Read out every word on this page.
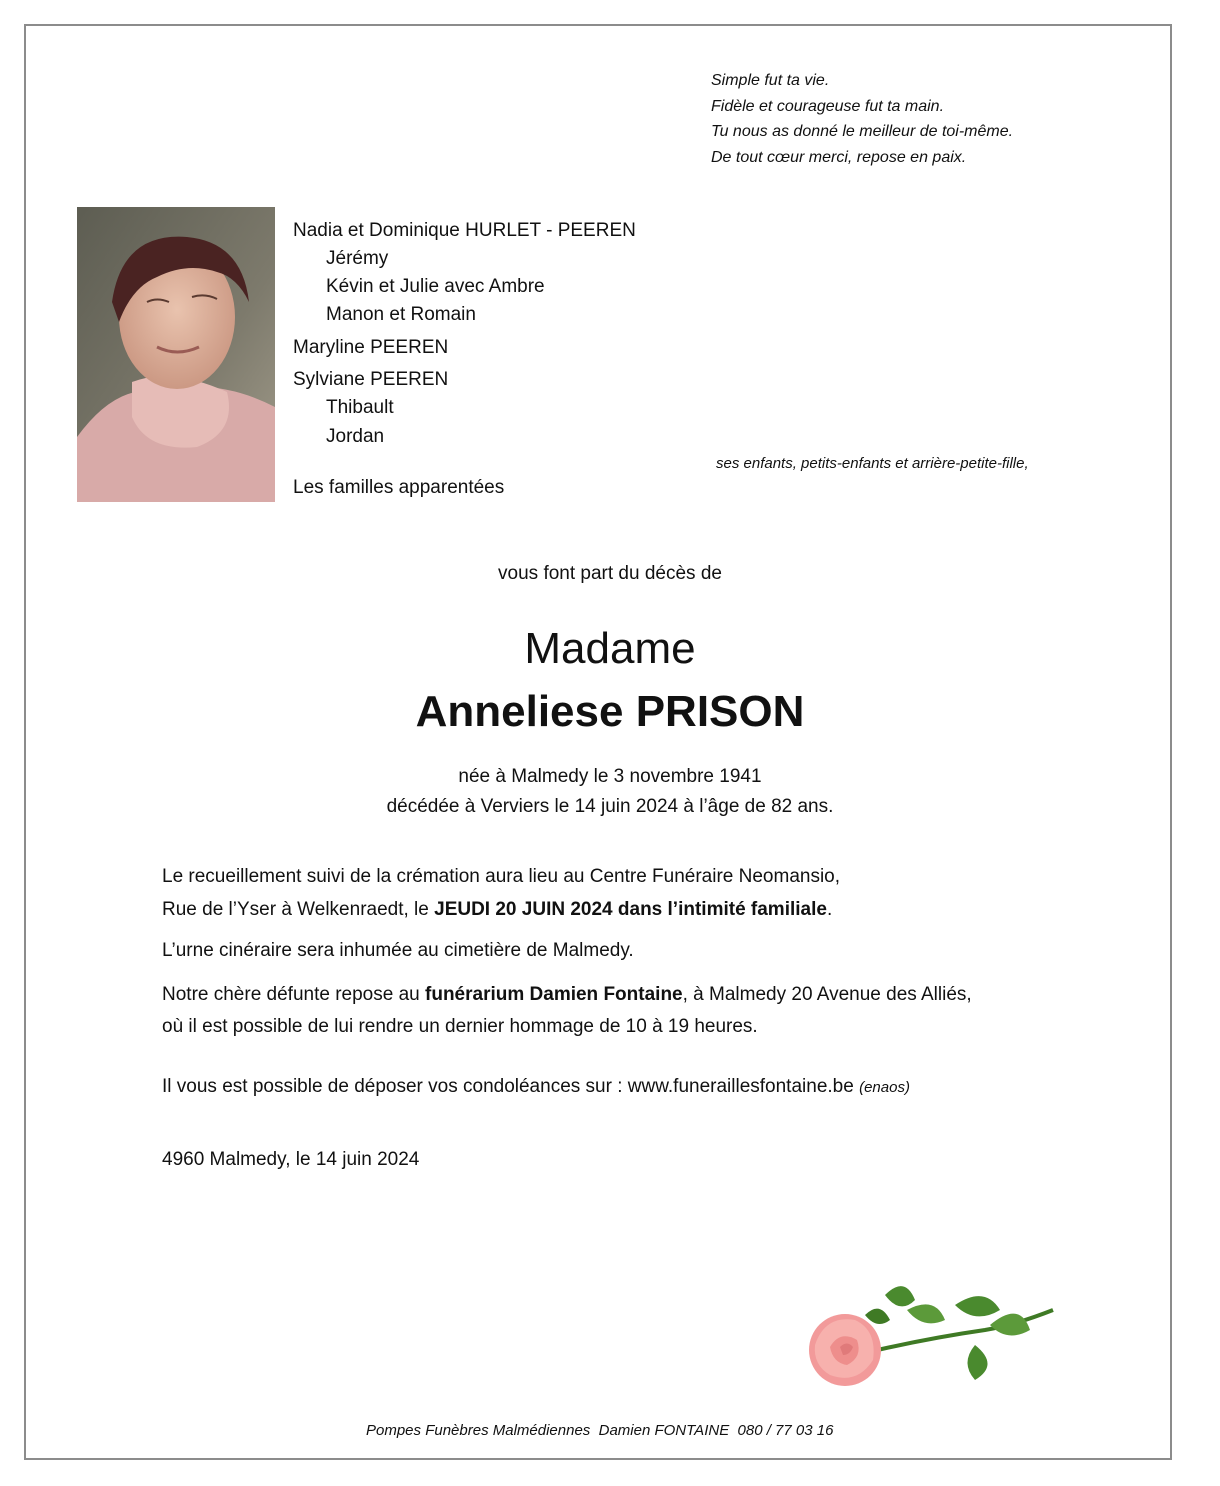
Simple fut ta vie.
Fidèle et courageuse fut ta main.
Tu nous as donné le meilleur de toi-même.
De tout cœur merci, repose en paix.
Nadia et Dominique HURLET - PEEREN
Jérémy
Kévin et Julie avec Ambre
Manon et Romain
Maryline PEEREN
Sylviane PEEREN
Thibault
Jordan
Les familles apparentées
ses enfants, petits-enfants et arrière-petite-fille,
vous font part du décès de
Madame
Anneliese PRISON
née à Malmedy le 3 novembre 1941
décédée à Verviers le 14 juin 2024 à l’âge de 82 ans.
Le recueillement suivi de la crémation aura lieu au Centre Funéraire Neomansio,
Rue de l’Yser à Welkenraedt, le JEUDI 20 JUIN 2024 dans l’intimité familiale.
L’urne cinéraire sera inhumée au cimetière de Malmedy.
Notre chère défunte repose au funérarium Damien Fontaine, à Malmedy 20 Avenue des Alliés,
où il est possible de lui rendre un dernier hommage de 10 à 19 heures.
Il vous est possible de déposer vos condoléances sur : www.funeraillesfontaine.be (enaos)
4960 Malmedy, le 14 juin 2024
Pompes Funèbres Malmédiennes  Damien FONTAINE  080 / 77 03 16
